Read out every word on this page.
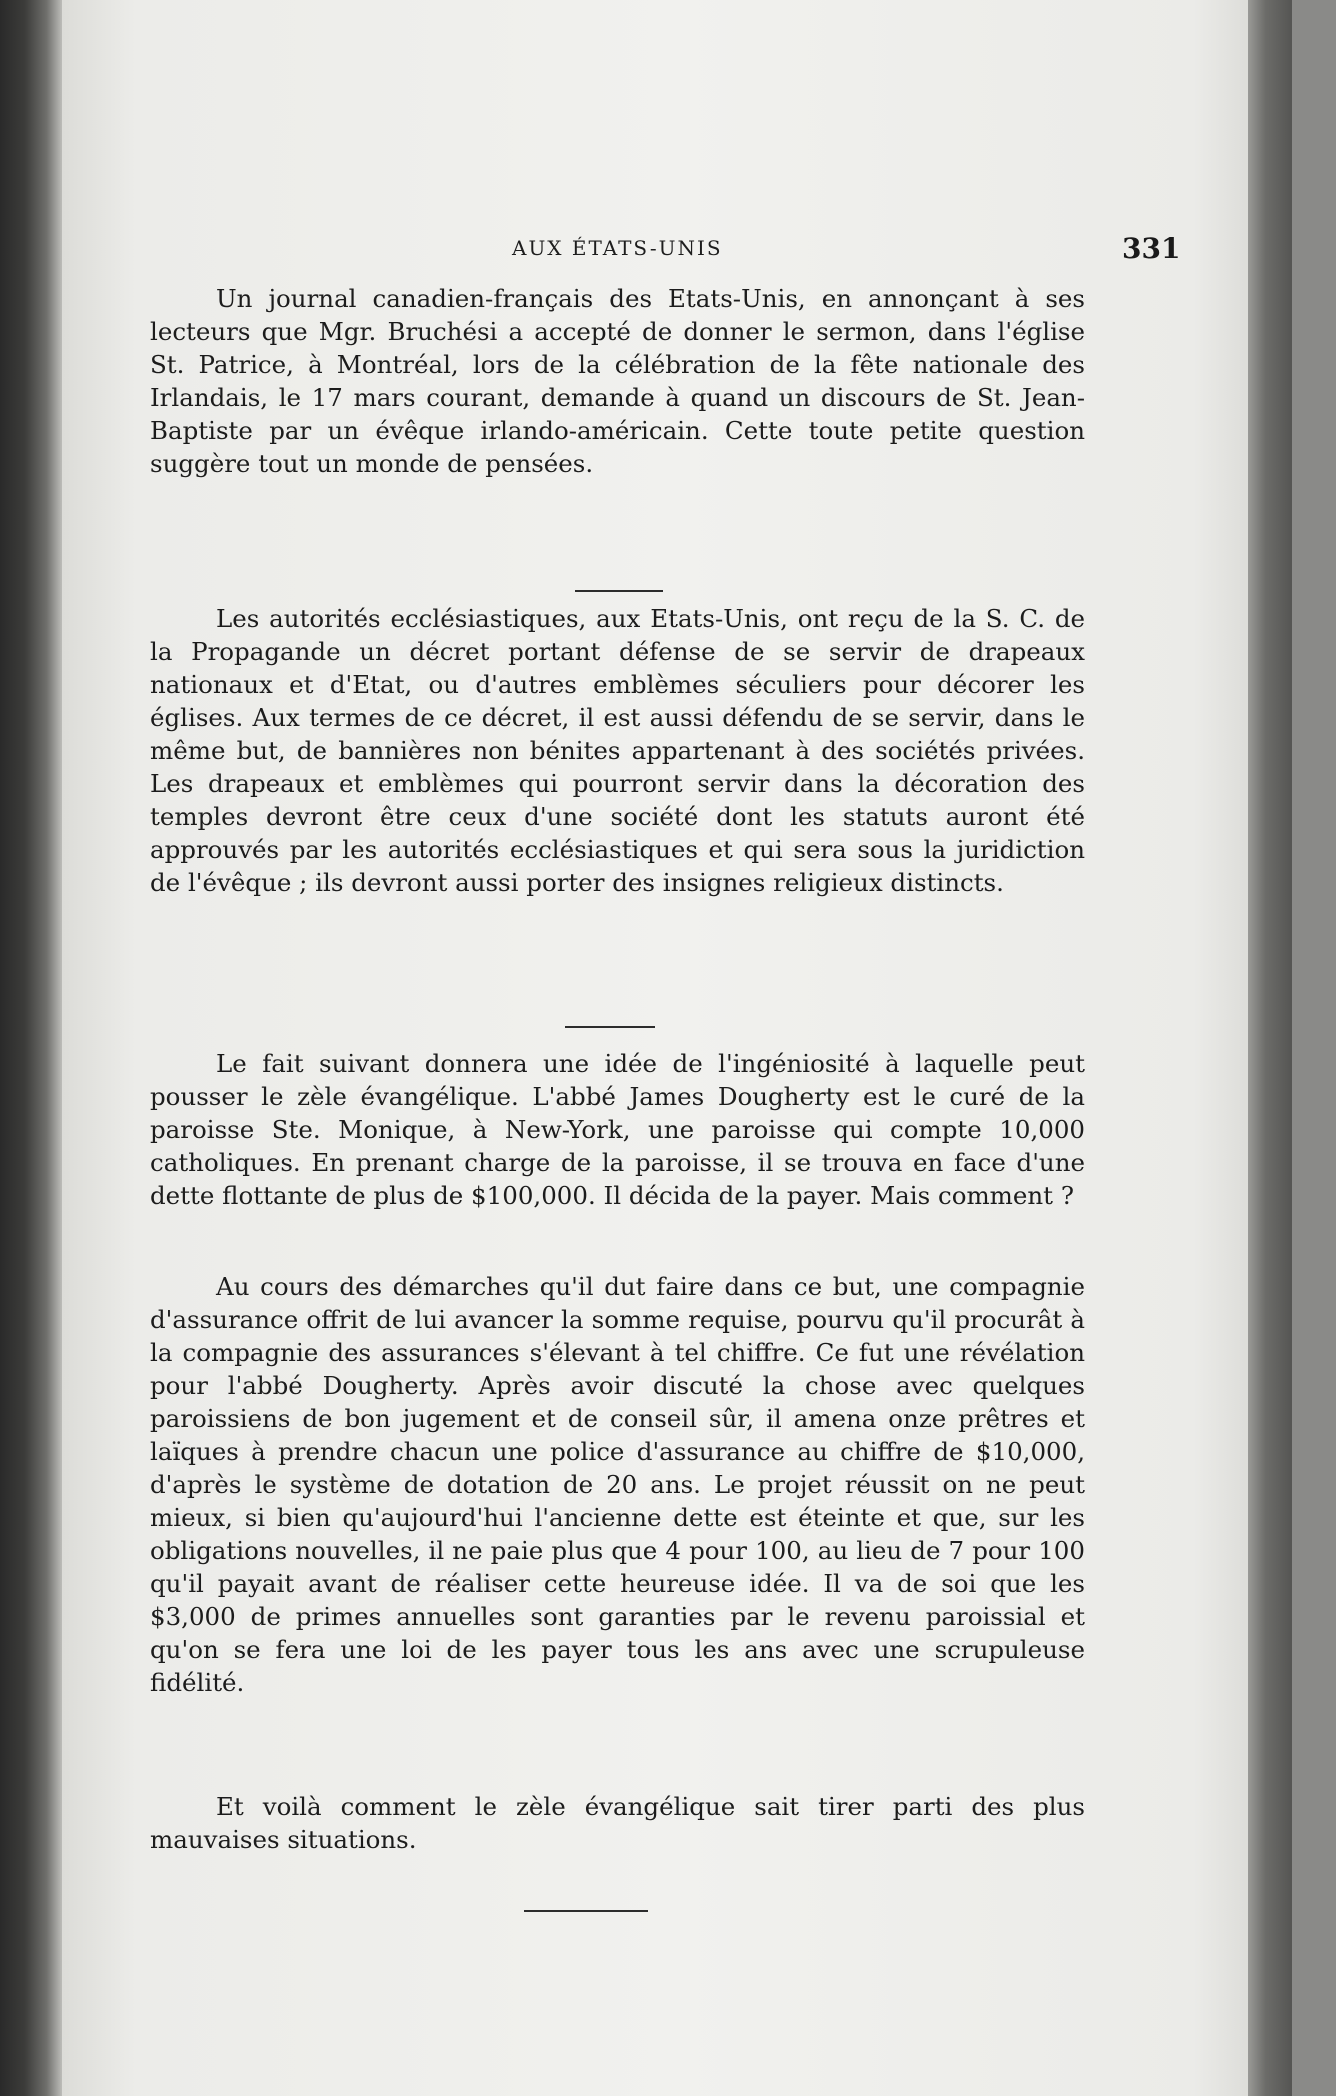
AUX ÉTATS-UNIS	331

Un journal canadien-français des Etats-Unis, en annonçant à ses lecteurs que Mgr. Bruchési a accepté de donner le sermon, dans l'église St. Patrice, à Montréal, lors de la célébration de la fête nationale des Irlandais, le 17 mars courant, demande à quand un discours de St. Jean-Baptiste par un évêque irlando-américain. Cette toute petite question suggère tout un monde de pensées.

Les autorités ecclésiastiques, aux Etats-Unis, ont reçu de la S. C. de la Propagande un décret portant défense de se servir de drapeaux nationaux et d'Etat, ou d'autres emblèmes séculiers pour décorer les églises. Aux termes de ce décret, il est aussi défendu de se servir, dans le même but, de bannières non bénites appartenant à des sociétés privées. Les drapeaux et emblèmes qui pourront servir dans la décoration des temples devront être ceux d'une société dont les statuts auront été approuvés par les autorités ecclésiastiques et qui sera sous la juridiction de l'évêque ; ils devront aussi porter des insignes religieux distincts.

Le fait suivant donnera une idée de l'ingéniosité à laquelle peut pousser le zèle évangélique. L'abbé James Dougherty est le curé de la paroisse Ste. Monique, à New-York, une paroisse qui compte 10,000 catholiques. En prenant charge de la paroisse, il se trouva en face d'une dette flottante de plus de $100,000. Il décida de la payer. Mais comment ?

Au cours des démarches qu'il dut faire dans ce but, une compagnie d'assurance offrit de lui avancer la somme requise, pourvu qu'il procurât à la compagnie des assurances s'élevant à tel chiffre. Ce fut une révélation pour l'abbé Dougherty. Après avoir discuté la chose avec quelques paroissiens de bon jugement et de conseil sûr, il amena onze prêtres et laïques à prendre chacun une police d'assurance au chiffre de $10,000, d'après le système de dotation de 20 ans. Le projet réussit on ne peut mieux, si bien qu'aujourd'hui l'ancienne dette est éteinte et que, sur les obligations nouvelles, il ne paie plus que 4 pour 100, au lieu de 7 pour 100 qu'il payait avant de réaliser cette heureuse idée. Il va de soi que les $3,000 de primes annuelles sont garanties par le revenu paroissial et qu'on se fera une loi de les payer tous les ans avec une scrupuleuse fidélité.

Et voilà comment le zèle évangélique sait tirer parti des plus mauvaises situations.
